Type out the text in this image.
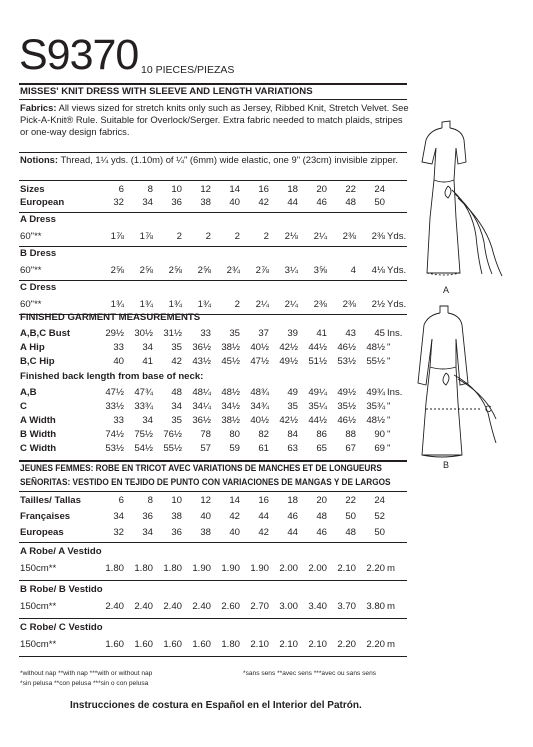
S9370 10 PIECES/PIEZAS
MISSES' KNIT DRESS WITH SLEEVE AND LENGTH VARIATIONS
Fabrics: All views sized for stretch knits only such as Jersey, Ribbed Knit, Stretch Velvet. See Pick-A-Knit® Rule. Suitable for Overlock/Serger. Extra fabric needed to match plaids, stripes or one-way design fabrics.
Notions: Thread, 1¼ yds. (1.10m) of ¼" (6mm) wide elastic, one 9" (23cm) invisible zipper.
Sizes	6	8	10	12	14	16	18	20	22	24
European	32	34	36	38	40	42	44	46	48	50
A Dress
60"**	1⅞	1⅞	2	2	2	2	2⅛	2¼	2⅜	2⅜ Yds.
B Dress
60"**	2⅝	2⅝	2⅝	2⅝	2¾	2⅞	3¼	3⅝	4	4⅛ Yds.
C Dress
60"**	1¾	1¾	1¾	1¾	2	2¼	2¼	2⅜	2⅜	2½ Yds.
FINISHED GARMENT MEASUREMENTS
A,B,C Bust	29½	30½	31½	33	35	37	39	41	43	45 Ins.
A Hip	33	34	35	36½	38½	40½	42½	44½	46½	48½ "
B,C Hip	40	41	42	43½	45½	47½	49½	51½	53½	55½ "
Finished back length from base of neck:
A,B	47½	47¾	48	48¼	48½	48¾	49	49¼	49½	49¾ Ins.
C	33½	33¾	34	34¼	34½	34¾	35	35¼	35½	35¾ "
A Width	33	34	35	36½	38½	40½	42½	44½	46½	48½ "
B Width	74½	75½	76½	78	80	82	84	86	88	90 "
C Width	53½	54½	55½	57	59	61	63	65	67	69 "
JEUNES FEMMES: ROBE EN TRICOT AVEC VARIATIONS DE MANCHES ET DE LONGUEURS
SEÑORITAS: VESTIDO EN TEJIDO DE PUNTO CON VARIACIONES DE MANGAS Y DE LARGOS
Tailles/ Tallas	6	8	10	12	14	16	18	20	22	24
Françaises	34	36	38	40	42	44	46	48	50	52
Europeas	32	34	36	38	40	42	44	46	48	50
A Robe/ A Vestido
150cm**	1.80	1.80	1.80	1.90	1.90	1.90	2.00	2.00	2.10	2.20 m
B Robe/ B Vestido
150cm**	2.40	2.40	2.40	2.40	2.60	2.70	3.00	3.40	3.70	3.80 m
C Robe/ C Vestido
150cm**	1.60	1.60	1.60	1.60	1.80	2.10	2.10	2.10	2.20	2.20 m
*without nap **with nap ***with or without nap
*sin pelusa **con pelusa ***sin o con pelusa
*sans sens **avec sens ***avec ou sans sens
Instrucciones de costura en Español en el Interior del Patrón.
A
C
B
